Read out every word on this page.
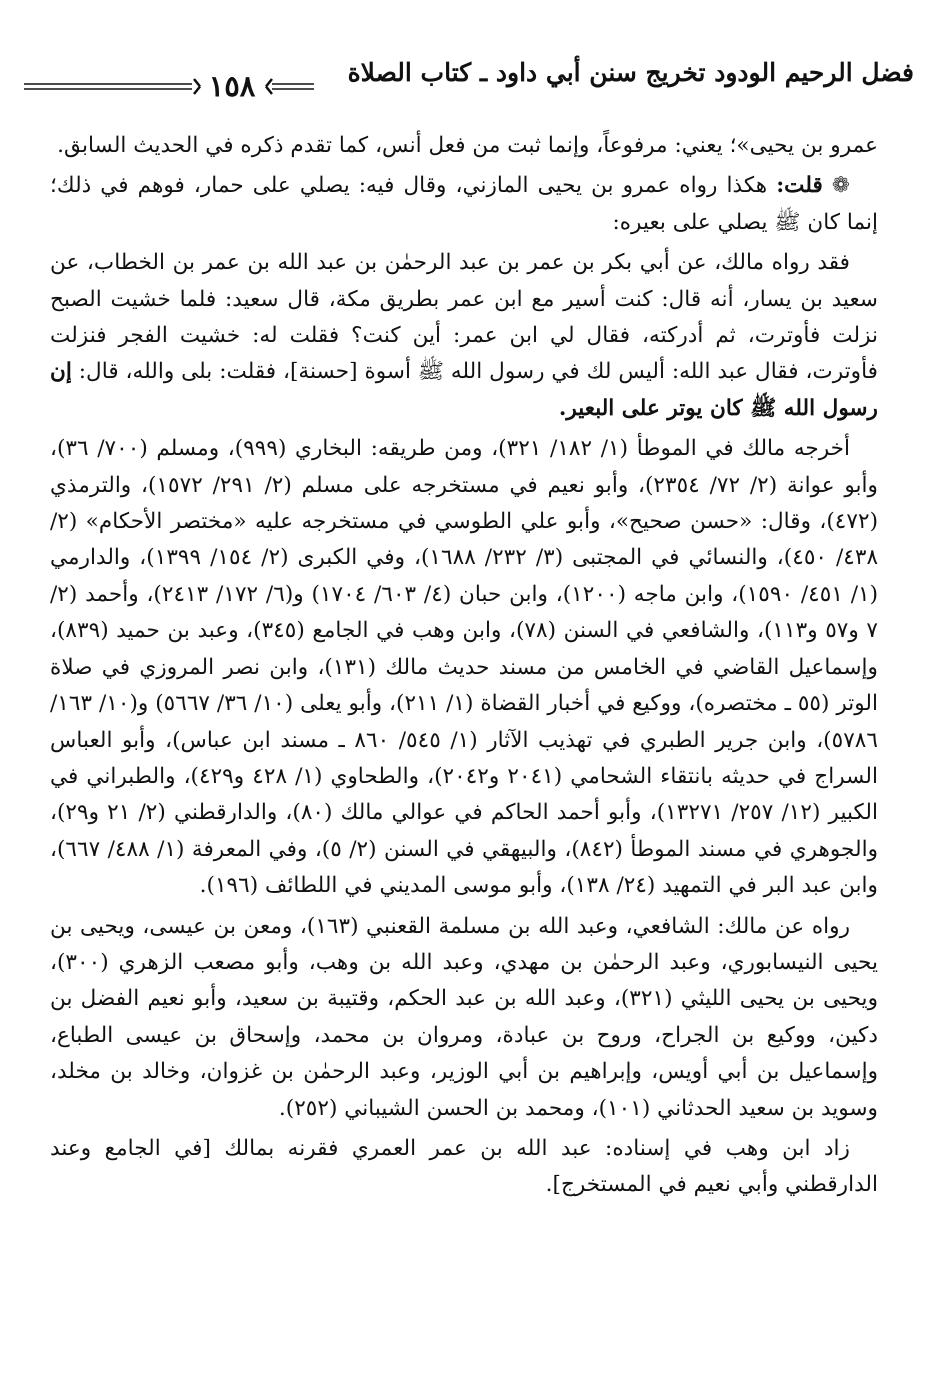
فضل الرحيم الودود تخريج سنن أبي داود ـ كتاب الصلاة
١٥٨

عمرو بن يحيى»؛ يعني: مرفوعاً، وإنما ثبت من فعل أنس، كما تقدم ذكره في الحديث السابق.

❁ قلت: هكذا رواه عمرو بن يحيى المازني، وقال فيه: يصلي على حمار، فوهم في ذلك؛ إنما كان ﷺ يصلي على بعيره:

فقد رواه مالك، عن أبي بكر بن عمر بن عبد الرحمٰن بن عبد الله بن عمر بن الخطاب، عن سعيد بن يسار، أنه قال: كنت أسير مع ابن عمر بطريق مكة، قال سعيد: فلما خشيت الصبح نزلت فأوترت، ثم أدركته، فقال لي ابن عمر: أين كنت؟ فقلت له: خشيت الفجر فنزلت فأوترت، فقال عبد الله: أليس لك في رسول الله ﷺ أسوة [حسنة]، فقلت: بلى والله، قال: إن رسول الله ﷺ كان يوتر على البعير.

أخرجه مالك في الموطأ (١/ ١٨٢/ ٣٢١)، ومن طريقه: البخاري (٩٩٩)، ومسلم (٧٠٠/ ٣٦)، وأبو عوانة (٢/ ٧٢/ ٢٣٥٤)، وأبو نعيم في مستخرجه على مسلم (٢/ ٢٩١/ ١٥٧٢)، والترمذي (٤٧٢)، وقال: «حسن صحيح»، وأبو علي الطوسي في مستخرجه عليه «مختصر الأحكام» (٢/ ٤٣٨/ ٤٥٠)، والنسائي في المجتبى (٣/ ٢٣٢/ ١٦٨٨)، وفي الكبرى (٢/ ١٥٤/ ١٣٩٩)، والدارمي (١/ ٤٥١/ ١٥٩٠)، وابن ماجه (١٢٠٠)، وابن حبان (٤/ ٦٠٣/ ١٧٠٤) و(٦/ ١٧٢/ ٢٤١٣)، وأحمد (٢/ ٧ و٥٧ و١١٣)، والشافعي في السنن (٧٨)، وابن وهب في الجامع (٣٤٥)، وعبد بن حميد (٨٣٩)، وإسماعيل القاضي في الخامس من مسند حديث مالك (١٣١)، وابن نصر المروزي في صلاة الوتر (٥٥ ـ مختصره)، ووكيع في أخبار القضاة (١/ ٢١١)، وأبو يعلى (١٠/ ٣٦/ ٥٦٦٧) و(١٠/ ١٦٣/ ٥٧٨٦)، وابن جرير الطبري في تهذيب الآثار (١/ ٥٤٥/ ٨٦٠ ـ مسند ابن عباس)، وأبو العباس السراج في حديثه بانتقاء الشحامي (٢٠٤١ و٢٠٤٢)، والطحاوي (١/ ٤٢٨ و٤٢٩)، والطبراني في الكبير (١٢/ ٢٥٧/ ١٣٢٧١)، وأبو أحمد الحاكم في عوالي مالك (٨٠)، والدارقطني (٢/ ٢١ و٢٩)، والجوهري في مسند الموطأ (٨٤٢)، والبيهقي في السنن (٢/ ٥)، وفي المعرفة (١/ ٤٨٨/ ٦٦٧)، وابن عبد البر في التمهيد (٢٤/ ١٣٨)، وأبو موسى المديني في اللطائف (١٩٦).

رواه عن مالك: الشافعي، وعبد الله بن مسلمة القعنبي (١٦٣)، ومعن بن عيسى، ويحيى بن يحيى النيسابوري، وعبد الرحمٰن بن مهدي، وعبد الله بن وهب، وأبو مصعب الزهري (٣٠٠)، ويحيى بن يحيى الليثي (٣٢١)، وعبد الله بن عبد الحكم، وقتيبة بن سعيد، وأبو نعيم الفضل بن دكين، ووكيع بن الجراح، وروح بن عبادة، ومروان بن محمد، وإسحاق بن عيسى الطباع، وإسماعيل بن أبي أويس، وإبراهيم بن أبي الوزير، وعبد الرحمٰن بن غزوان، وخالد بن مخلد، وسويد بن سعيد الحدثاني (١٠١)، ومحمد بن الحسن الشيباني (٢٥٢).

زاد ابن وهب في إسناده: عبد الله بن عمر العمري فقرنه بمالك [في الجامع وعند الدارقطني وأبي نعيم في المستخرج].
